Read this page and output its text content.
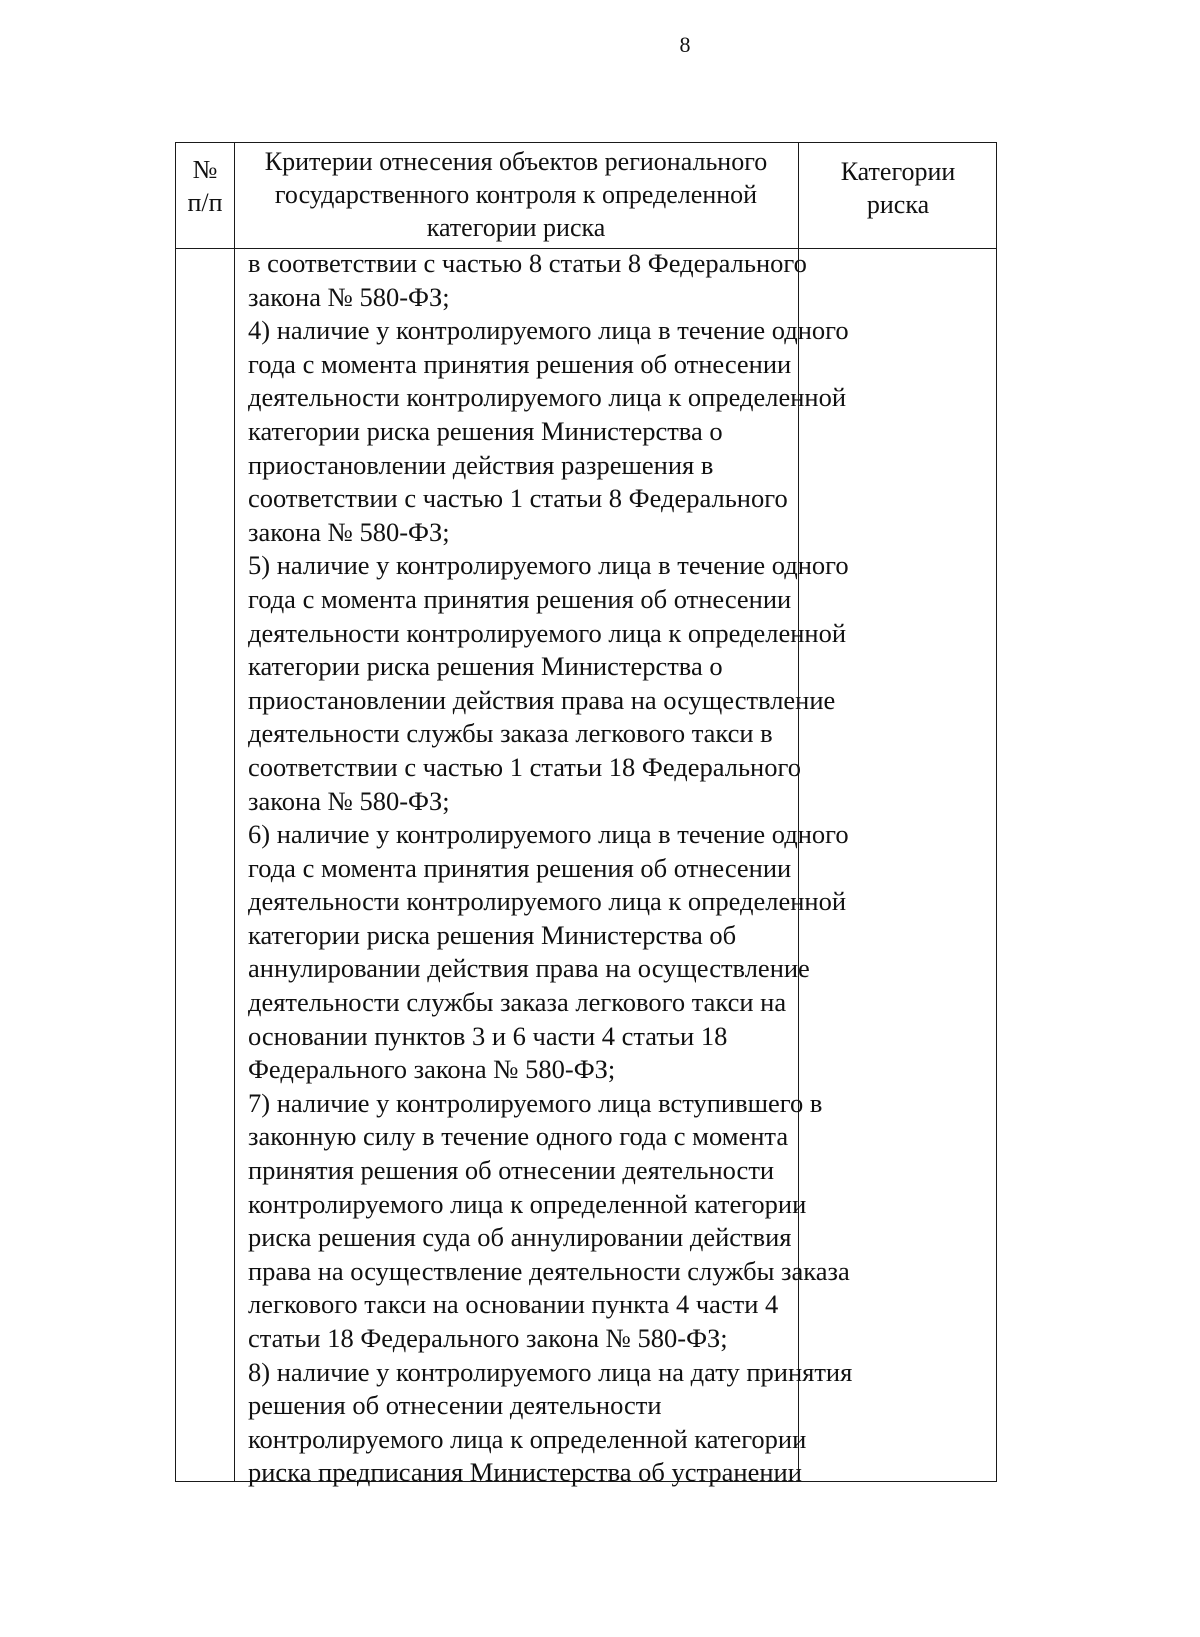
8
№
п/п
Критерии отнесения объектов регионального
государственного контроля к определенной
категории риска
Категории
риска
в соответствии с частью 8 статьи 8 Федерального
закона № 580-ФЗ;
4) наличие у контролируемого лица в течение одного
года с момента принятия решения об отнесении
деятельности контролируемого лица к определенной
категории риска решения Министерства о
приостановлении действия разрешения в
соответствии с частью 1 статьи 8 Федерального
закона № 580-ФЗ;
5) наличие у контролируемого лица в течение одного
года с момента принятия решения об отнесении
деятельности контролируемого лица к определенной
категории риска решения Министерства о
приостановлении действия права на осуществление
деятельности службы заказа легкового такси в
соответствии с частью 1 статьи 18 Федерального
закона № 580-ФЗ;
6) наличие у контролируемого лица в течение одного
года с момента принятия решения об отнесении
деятельности контролируемого лица к определенной
категории риска решения Министерства об
аннулировании действия права на осуществление
деятельности службы заказа легкового такси на
основании пунктов 3 и 6 части 4 статьи 18
Федерального закона № 580-ФЗ;
7) наличие у контролируемого лица вступившего в
законную силу в течение одного года с момента
принятия решения об отнесении деятельности
контролируемого лица к определенной категории
риска решения суда об аннулировании действия
права на осуществление деятельности службы заказа
легкового такси на основании пункта 4 части 4
статьи 18 Федерального закона № 580-ФЗ;
8) наличие у контролируемого лица на дату принятия
решения об отнесении деятельности
контролируемого лица к определенной категории
риска предписания Министерства об устранении
